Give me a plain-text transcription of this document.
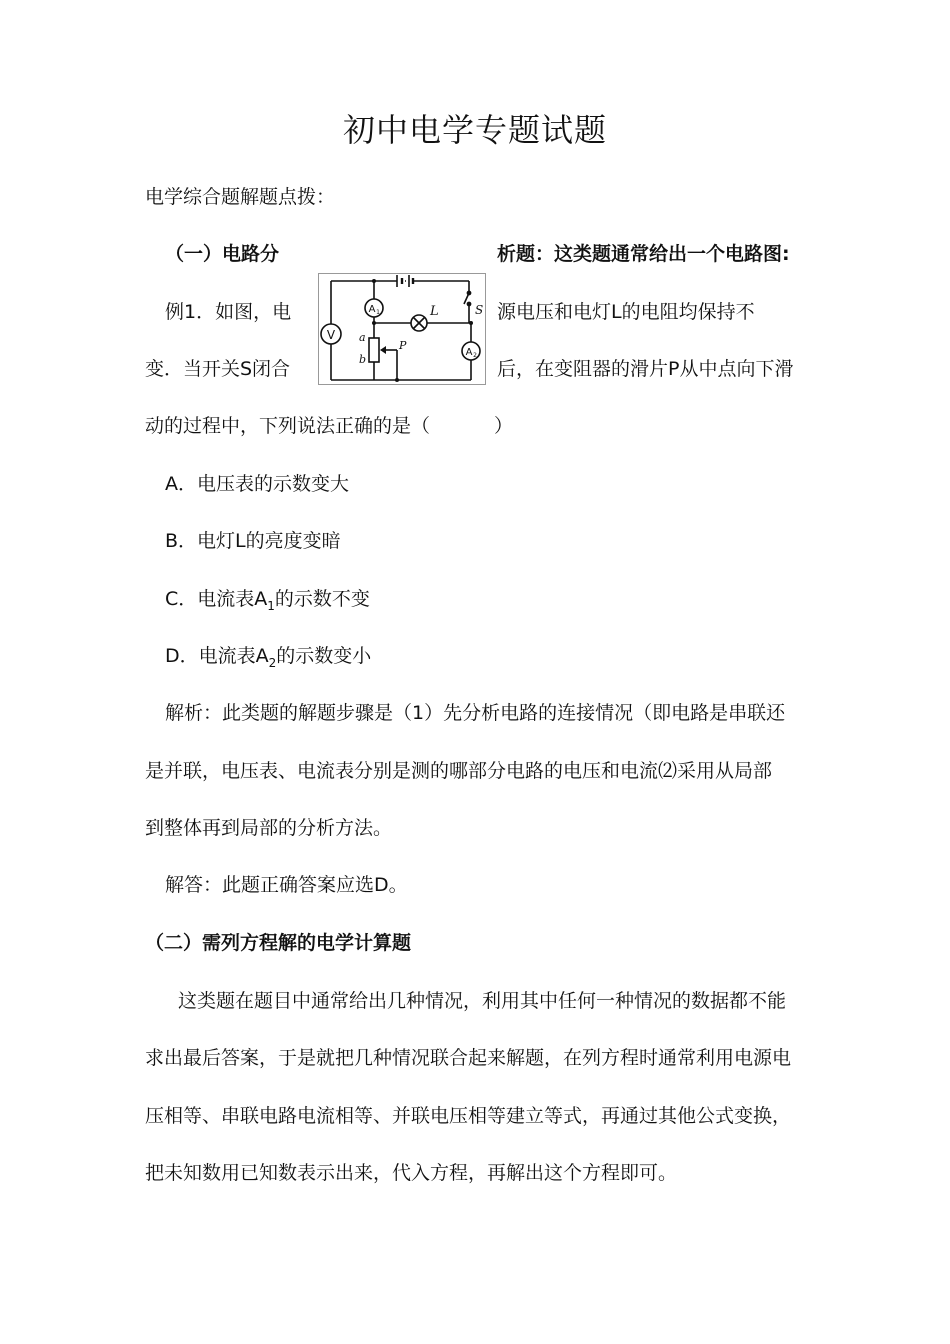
初中电学专题试题
电学综合题解题点拨：
（一）电路分	析题：这类题通常给出一个电路图:
例1．如图，电	源电压和电灯L的电阻均保持不
变．当开关S闭合	后，在变阻器的滑片P从中点向下滑
动的过程中，下列说法正确的是（	）
A．电压表的示数变大
B．电灯L的亮度变暗
C．电流表$A_1$的示数不变
D．电流表$A_2$的示数变小
解析：此类题的解题步骤是（1）先分析电路的连接情况（即电路是串联还
是并联，电压表、电流表分别是测的哪部分电路的电压和电流⑵采用从局部
到整体再到局部的分析方法。
解答：此题正确答案应选D。
（二）需列方程解的电学计算题
这类题在题目中通常给出几种情况，利用其中任何一种情况的数据都不能
求出最后答案，于是就把几种情况联合起来解题，在列方程时通常利用电源电
压相等、串联电路电流相等、并联电压相等建立等式，再通过其他公式变换，
把未知数用已知数表示出来，代入方程，再解出这个方程即可。
V
A 1	L	S
a
b
P
A 2
